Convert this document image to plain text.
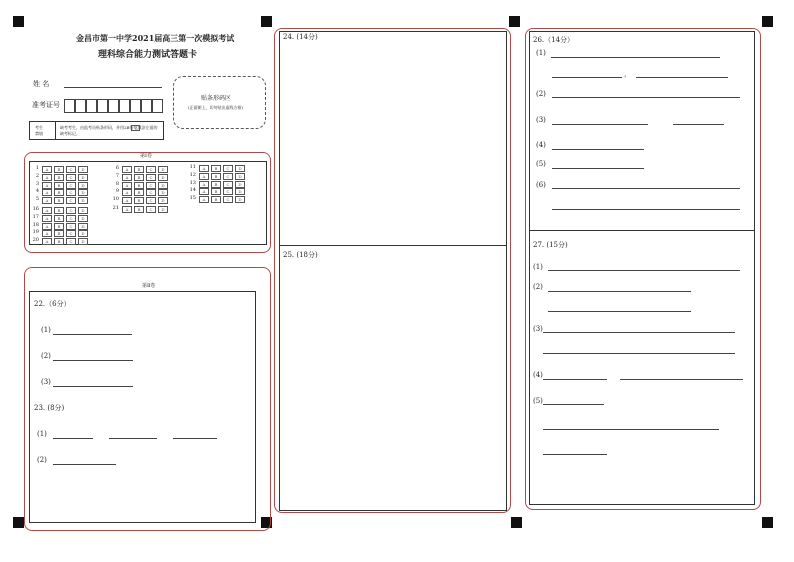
金昌市第一中学2021届高三第一次模拟考试
理科综合能力测试答题卡
姓 名
准考证号
贴条形码区
(正面朝上，切勿贴出虚线方框)
考生
禁填
缺考考生，由监考员贴条形码，并用2B铅笔填涂左面的缺考标记。
第Ⅰ卷
1	A	B	C	D
2	A	B	C	D
3	A	B	C	D
4	A	B	C	D
5	A	B	C	D
6	A	B	C	D
7	A	B	C	D
8	A	B	C	D
9	A	B	C	D
10	A	B	C	D
11	A	B	C	D
12	A	B	C	D
13	A	B	C	D
14	A	B	C	D
15	A	B	C	D
16	A	B	C	D
17	A	B	C	D
18	A	B	C	D
19	A	B	C	D
20	A	B	C	D
21	A	B	C	D
第Ⅱ卷
22.（6分）
(1)
(2)
(3)
23. (8分)
(1)
(2)
24. (14分)
25. (18分)
26.（14分）
(1)
，
(2)
(3)
(4)
(5)
(6)
27. (15分)
(1)
(2)
(3)
(4)
(5)
